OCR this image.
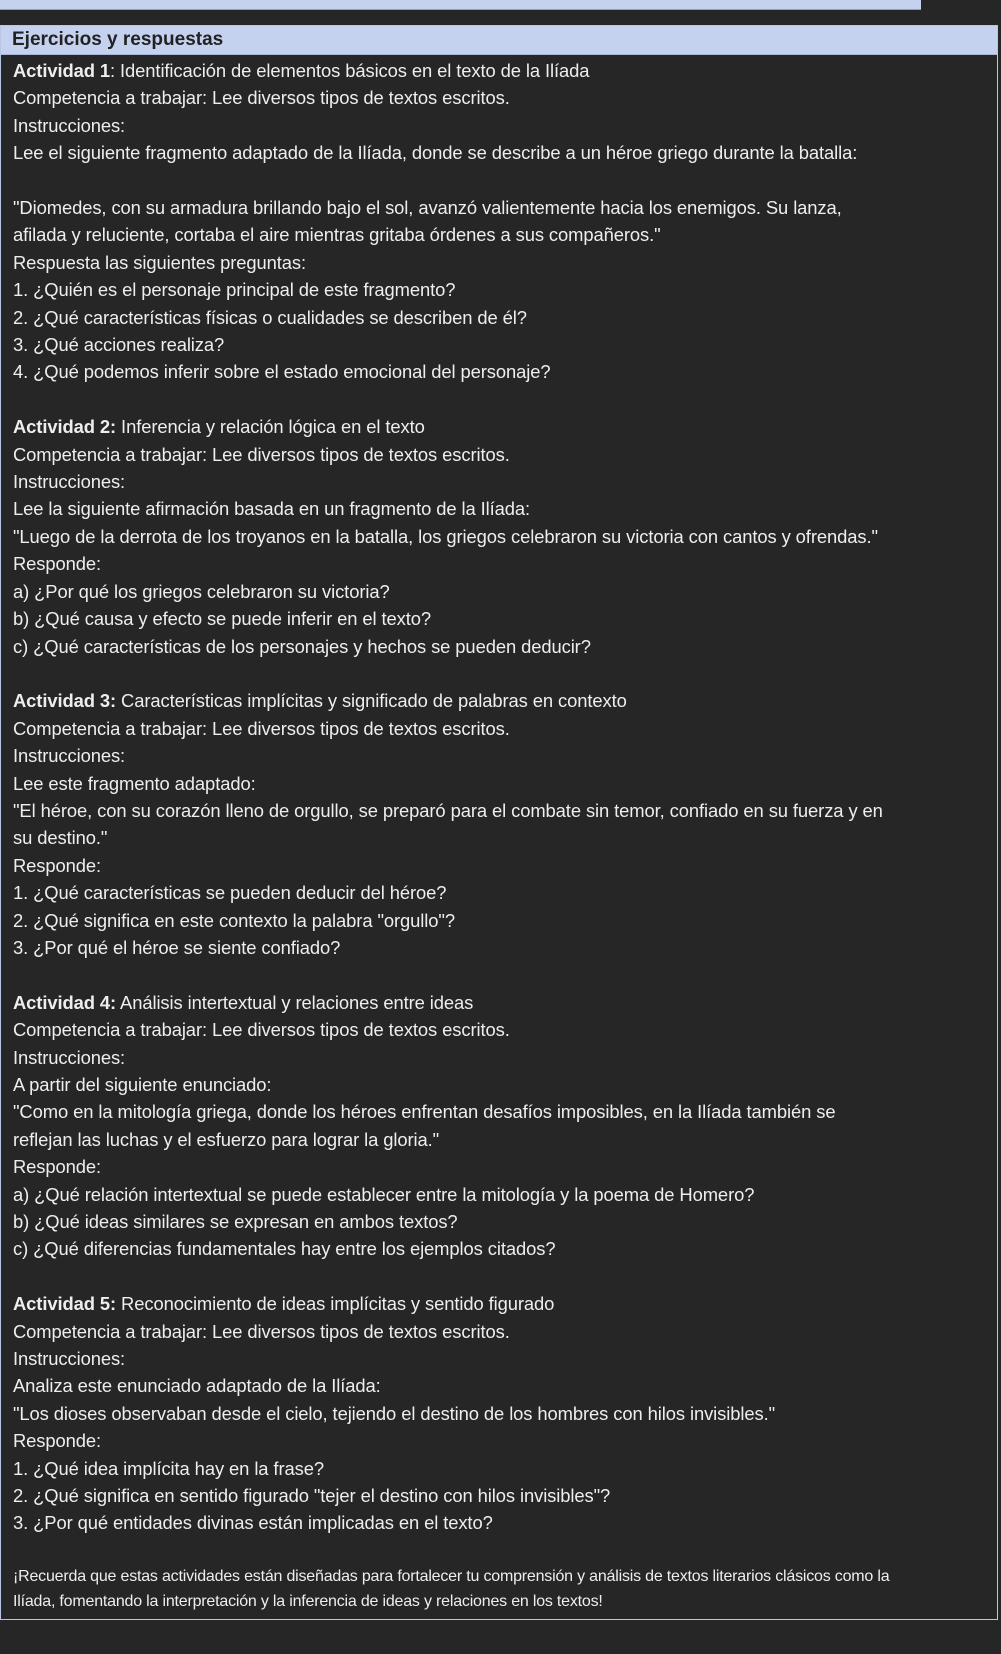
Ejercicios y respuestas

Actividad 1: Identificación de elementos básicos en el texto de la Ilíada

Competencia a trabajar: Lee diversos tipos de textos escritos.

Instrucciones:

Lee el siguiente fragmento adaptado de la Ilíada, donde se describe a un héroe griego durante la batalla:

"Diomedes, con su armadura brillando bajo el sol, avanzó valientemente hacia los enemigos. Su lanza,

afilada y reluciente, cortaba el aire mientras gritaba órdenes a sus compañeros."

Respuesta las siguientes preguntas:

1. ¿Quién es el personaje principal de este fragmento?

2. ¿Qué características físicas o cualidades se describen de él?

3. ¿Qué acciones realiza?

4. ¿Qué podemos inferir sobre el estado emocional del personaje?

Actividad 2: Inferencia y relación lógica en el texto

Competencia a trabajar: Lee diversos tipos de textos escritos.

Instrucciones:

Lee la siguiente afirmación basada en un fragmento de la Ilíada:

"Luego de la derrota de los troyanos en la batalla, los griegos celebraron su victoria con cantos y ofrendas."

Responde:

a) ¿Por qué los griegos celebraron su victoria?

b) ¿Qué causa y efecto se puede inferir en el texto?

c) ¿Qué características de los personajes y hechos se pueden deducir?

Actividad 3: Características implícitas y significado de palabras en contexto

Competencia a trabajar: Lee diversos tipos de textos escritos.

Instrucciones:

Lee este fragmento adaptado:

"El héroe, con su corazón lleno de orgullo, se preparó para el combate sin temor, confiado en su fuerza y en

su destino."

Responde:

1. ¿Qué características se pueden deducir del héroe?

2. ¿Qué significa en este contexto la palabra "orgullo"?

3. ¿Por qué el héroe se siente confiado?

Actividad 4: Análisis intertextual y relaciones entre ideas

Competencia a trabajar: Lee diversos tipos de textos escritos.

Instrucciones:

A partir del siguiente enunciado:

"Como en la mitología griega, donde los héroes enfrentan desafíos imposibles, en la Ilíada también se

reflejan las luchas y el esfuerzo para lograr la gloria."

Responde:

a) ¿Qué relación intertextual se puede establecer entre la mitología y la poema de Homero?

b) ¿Qué ideas similares se expresan en ambos textos?

c) ¿Qué diferencias fundamentales hay entre los ejemplos citados?

Actividad 5: Reconocimiento de ideas implícitas y sentido figurado

Competencia a trabajar: Lee diversos tipos de textos escritos.

Instrucciones:

Analiza este enunciado adaptado de la Ilíada:

"Los dioses observaban desde el cielo, tejiendo el destino de los hombres con hilos invisibles."

Responde:

1. ¿Qué idea implícita hay en la frase?

2. ¿Qué significa en sentido figurado "tejer el destino con hilos invisibles"?

3. ¿Por qué entidades divinas están implicadas en el texto?

¡Recuerda que estas actividades están diseñadas para fortalecer tu comprensión y análisis de textos literarios clásicos como la

Ilíada, fomentando la interpretación y la inferencia de ideas y relaciones en los textos!
